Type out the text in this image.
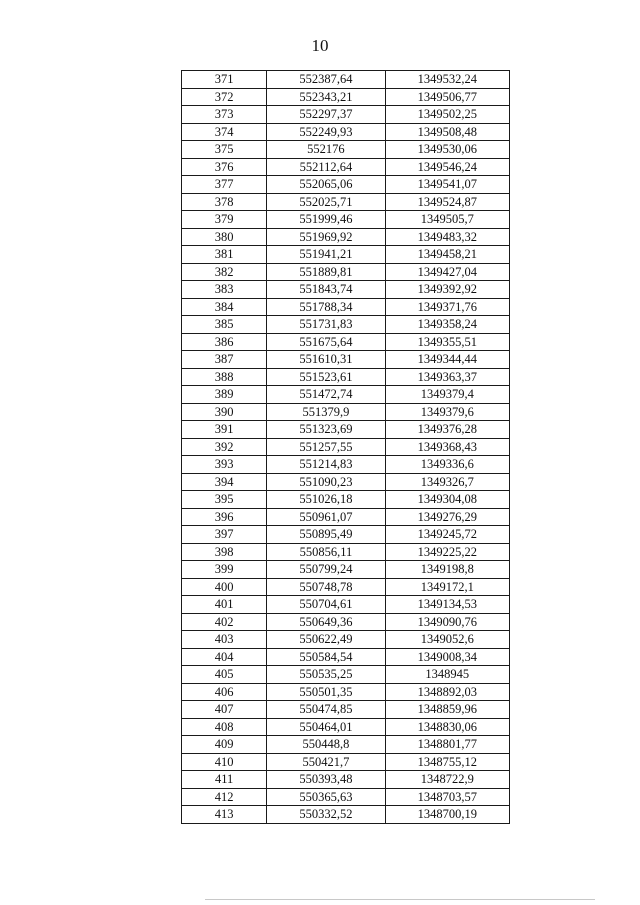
10
371	552387,64	1349532,24
372	552343,21	1349506,77
373	552297,37	1349502,25
374	552249,93	1349508,48
375	552176	1349530,06
376	552112,64	1349546,24
377	552065,06	1349541,07
378	552025,71	1349524,87
379	551999,46	1349505,7
380	551969,92	1349483,32
381	551941,21	1349458,21
382	551889,81	1349427,04
383	551843,74	1349392,92
384	551788,34	1349371,76
385	551731,83	1349358,24
386	551675,64	1349355,51
387	551610,31	1349344,44
388	551523,61	1349363,37
389	551472,74	1349379,4
390	551379,9	1349379,6
391	551323,69	1349376,28
392	551257,55	1349368,43
393	551214,83	1349336,6
394	551090,23	1349326,7
395	551026,18	1349304,08
396	550961,07	1349276,29
397	550895,49	1349245,72
398	550856,11	1349225,22
399	550799,24	1349198,8
400	550748,78	1349172,1
401	550704,61	1349134,53
402	550649,36	1349090,76
403	550622,49	1349052,6
404	550584,54	1349008,34
405	550535,25	1348945
406	550501,35	1348892,03
407	550474,85	1348859,96
408	550464,01	1348830,06
409	550448,8	1348801,77
410	550421,7	1348755,12
411	550393,48	1348722,9
412	550365,63	1348703,57
413	550332,52	1348700,19
